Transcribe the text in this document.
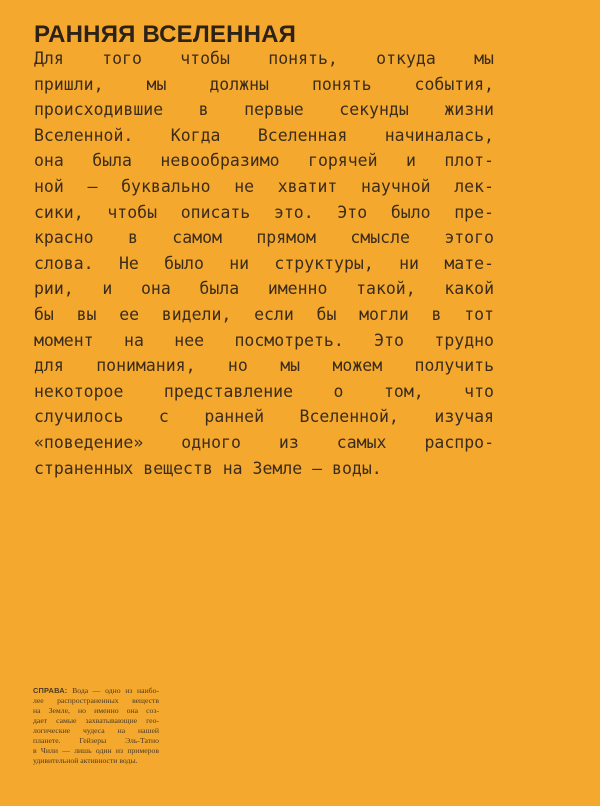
РАННЯЯ ВСЕЛЕННАЯ
Для того чтобы понять, откуда мы
пришли, мы должны понять события,
происходившие в первые секунды жизни
Вселенной. Когда Вселенная начиналась,
она была невообразимо горячей и плот-
ной – буквально не хватит научной лек-
сики, чтобы описать это. Это было пре-
красно в самом прямом смысле этого
слова. Не было ни структуры, ни мате-
рии, и она была именно такой, какой
бы вы ее видели, если бы могли в тот
момент на нее посмотреть. Это трудно
для понимания, но мы можем получить
некоторое представление о том, что
случилось с ранней Вселенной, изучая
«поведение» одного из самых распро-
страненных веществ на Земле – воды.
СПРАВА: Вода — одно из наибо-
лее распространенных веществ
на Земле, но именно она соз-
дает самые захватывающие гео-
логические чудеса на нашей
планете. Гейзеры Эль-Татио
в Чили — лишь один из примеров
удивительной активности воды.
